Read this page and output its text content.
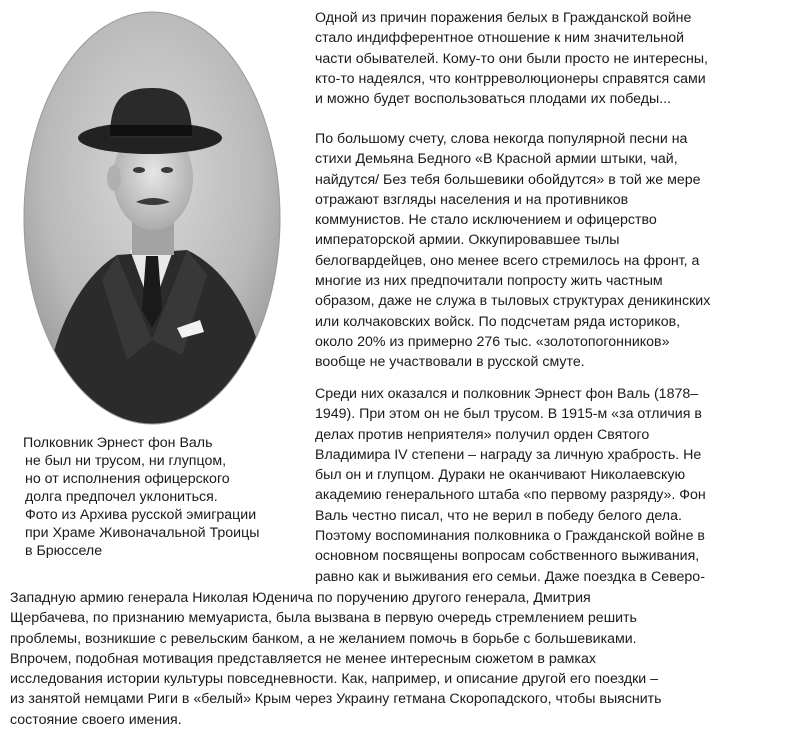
Полковник Эрнест фон Валь
не был ни трусом, ни глупцом,
но от исполнения офицерского
долга предпочел уклониться.
Фото из Архива русской эмиграции
при Храме Живоначальной Троицы
в Брюсселе
Одной из причин поражения белых в Гражданской войне
стало индифферентное отношение к ним значительной
части обывателей. Кому-то они были просто не интересны,
кто-то надеялся, что контрреволюционеры справятся сами
и можно будет воспользоваться плодами их победы...
По большому счету, слова некогда популярной песни на
стихи Демьяна Бедного «В Красной армии штыки, чай,
найдутся/ Без тебя большевики обойдутся» в той же мере
отражают взгляды населения и на противников
коммунистов. Не стало исключением и офицерство
императорской армии. Оккупировавшее тылы
белогвардейцев, оно менее всего стремилось на фронт, а
многие из них предпочитали попросту жить частным
образом, даже не служа в тыловых структурах деникинских
или колчаковских войск. По подсчетам ряда историков,
около 20% из примерно 276 тыс. «золотопогонников»
вообще не участвовали в русской смуте.
Среди них оказался и полковник Эрнест фон Валь (1878–
1949). При этом он не был трусом. В 1915-м «за отличия в
делах против неприятеля» получил орден Святого
Владимира IV степени – награду за личную храбрость. Не
был он и глупцом. Дураки не оканчивают Николаевскую
академию генерального штаба «по первому разряду». Фон
Валь честно писал, что не верил в победу белого дела.
Поэтому воспоминания полковника о Гражданской войне в
основном посвящены вопросам собственного выживания,
равно как и выживания его семьи. Даже поездка в Северо-
Западную армию генерала Николая Юденича по поручению другого генерала, Дмитрия
Щербачева, по признанию мемуариста, была вызвана в первую очередь стремлением решить
проблемы, возникшие с ревельским банком, а не желанием помочь в борьбе с большевиками.
Впрочем, подобная мотивация представляется не менее интересным сюжетом в рамках
исследования истории культуры повседневности. Как, например, и описание другой его поездки –
из занятой немцами Риги в «белый» Крым через Украину гетмана Скоропадского, чтобы выяснить
состояние своего имения.
